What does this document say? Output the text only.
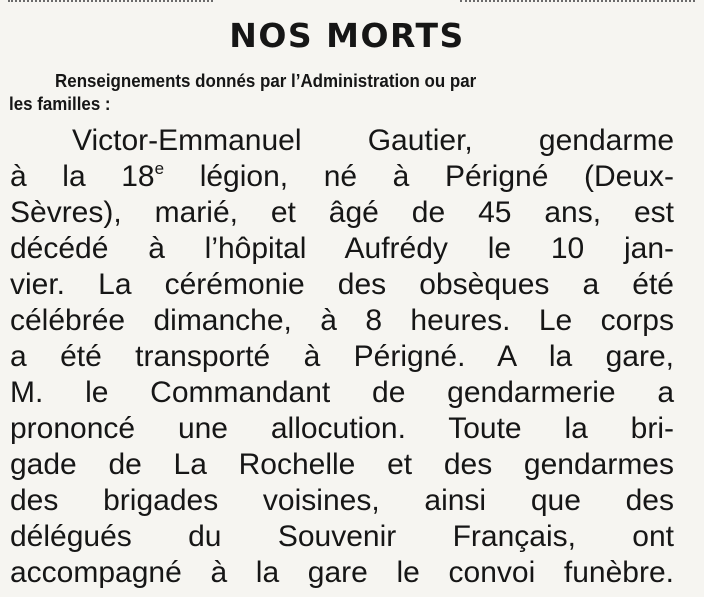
NOS MORTS

Renseignements donnés par l’Administration ou par
les familles :

Victor-Emmanuel Gautier, gendarme
à la 18e légion, né à Périgné (Deux-
Sèvres), marié, et âgé de 45 ans, est
décédé à l’hôpital Aufrédy le 10 jan-
vier. La cérémonie des obsèques a été
célébrée dimanche, à 8 heures. Le corps
a été transporté à Périgné. A la gare,
M. le Commandant de gendarmerie a
prononcé une allocution. Toute la bri-
gade de La Rochelle et des gendarmes
des brigades voisines, ainsi que des
délégués du Souvenir Français, ont
accompagné à la gare le convoi funèbre.
